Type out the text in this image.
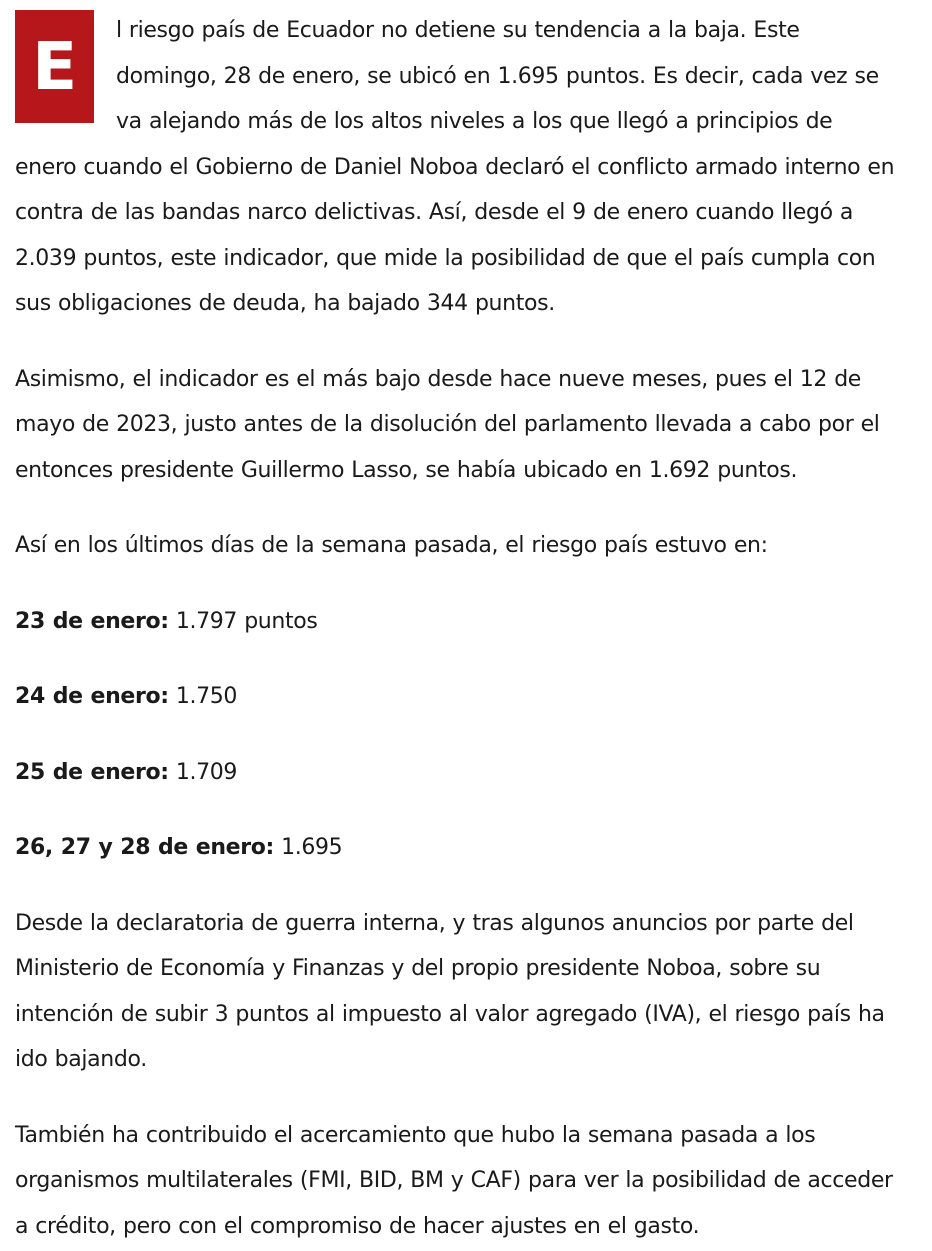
E	l riesgo país de Ecuador no detiene su tendencia a la baja. Este domingo, 28 de enero, se ubicó en 1.695 puntos. Es decir, cada vez se va alejando más de los altos niveles a los que llegó a principios de enero cuando el Gobierno de Daniel Noboa declaró el conflicto armado interno en contra de las bandas narco delictivas. Así, desde el 9 de enero cuando llegó a 2.039 puntos, este indicador, que mide la posibilidad de que el país cumpla con sus obligaciones de deuda, ha bajado 344 puntos.

Asimismo, el indicador es el más bajo desde hace nueve meses, pues el 12 de mayo de 2023, justo antes de la disolución del parlamento llevada a cabo por el entonces presidente Guillermo Lasso, se había ubicado en 1.692 puntos.

Así en los últimos días de la semana pasada, el riesgo país estuvo en:

23 de enero: 1.797 puntos

24 de enero: 1.750

25 de enero: 1.709

26, 27 y 28 de enero: 1.695

Desde la declaratoria de guerra interna, y tras algunos anuncios por parte del Ministerio de Economía y Finanzas y del propio presidente Noboa, sobre su intención de subir 3 puntos al impuesto al valor agregado (IVA), el riesgo país ha ido bajando.

También ha contribuido el acercamiento que hubo la semana pasada a los organismos multilaterales (FMI, BID, BM y CAF) para ver la posibilidad de acceder a crédito, pero con el compromiso de hacer ajustes en el gasto.
